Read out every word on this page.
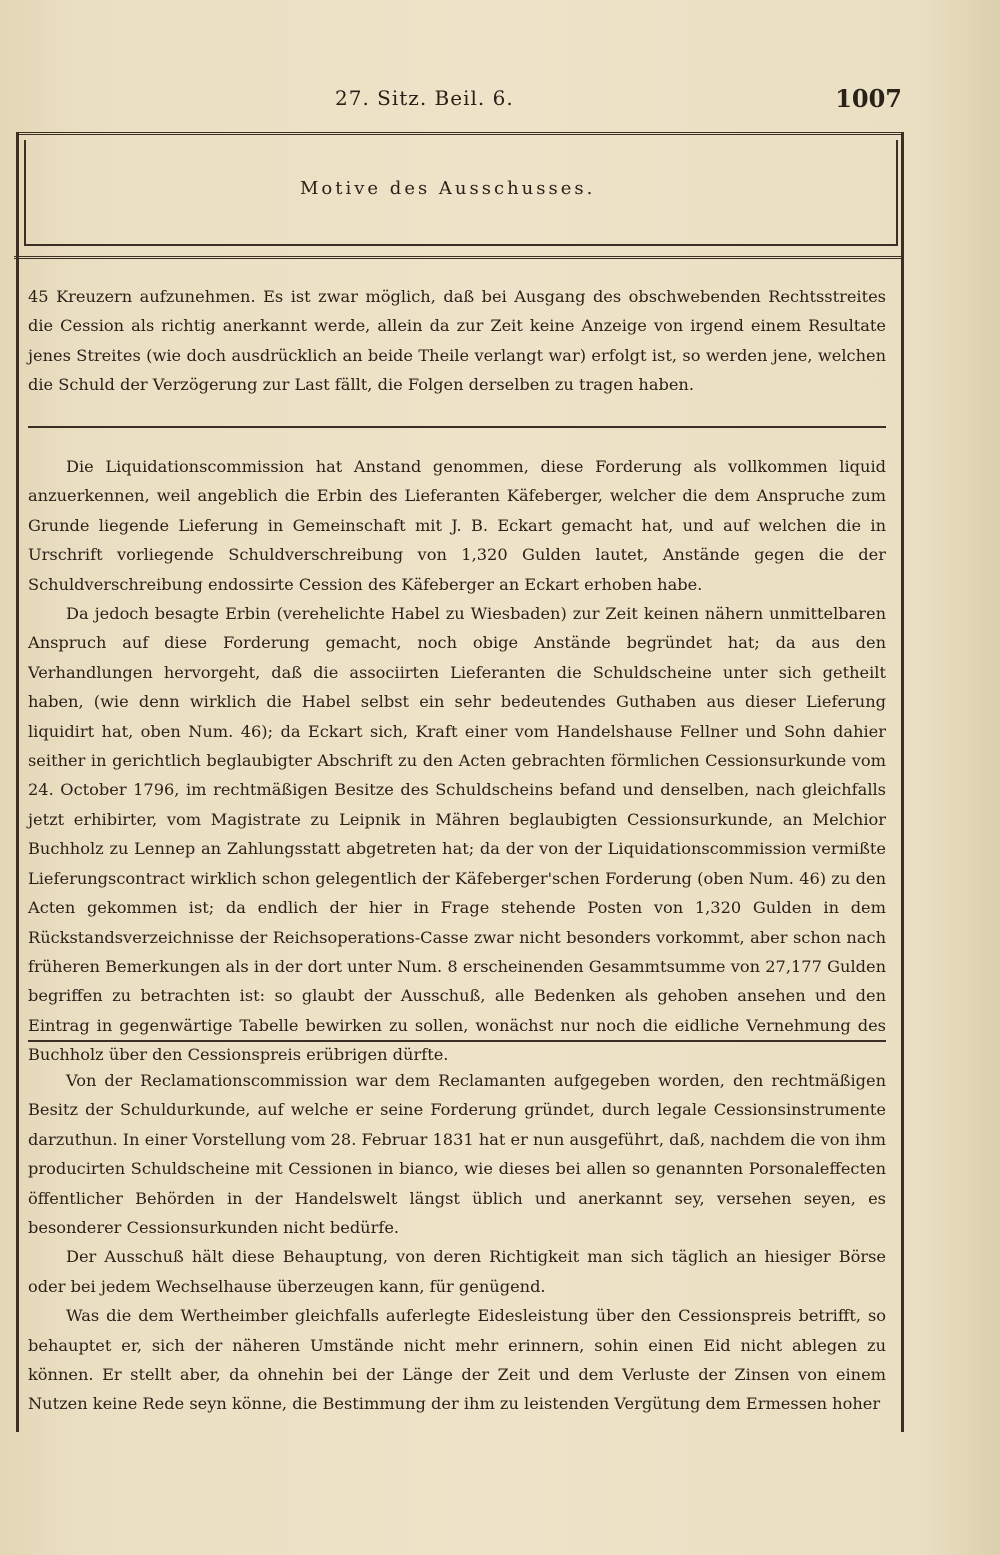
27. Sitz. Beil. 6.	1007
Motive des Ausschusses.

45 Kreuzern aufzunehmen. Es ist zwar möglich, daß bei Ausgang des obschwebenden Rechtsstreites die Cession als richtig anerkannt werde, allein da zur Zeit keine Anzeige von irgend einem Resultate jenes Streites (wie doch ausdrücklich an beide Theile verlangt war) erfolgt ist, so werden jene, welchen die Schuld der Verzögerung zur Last fällt, die Folgen derselben zu tragen haben.

Die Liquidationscommission hat Anstand genommen, diese Forderung als vollkommen liquid anzuerkennen, weil angeblich die Erbin des Lieferanten Käfeberger, welcher die dem Anspruche zum Grunde liegende Lieferung in Gemeinschaft mit J. B. Eckart gemacht hat, und auf welchen die in Urschrift vorliegende Schuldverschreibung von 1,320 Gulden lautet, Anstände gegen die der Schuldverschreibung endossirte Cession des Käfeberger an Eckart erhoben habe.

Da jedoch besagte Erbin (verehelichte Habel zu Wiesbaden) zur Zeit keinen nähern unmittelbaren Anspruch auf diese Forderung gemacht, noch obige Anstände begründet hat; da aus den Verhandlungen hervorgeht, daß die associirten Lieferanten die Schuldscheine unter sich getheilt haben, (wie denn wirklich die Habel selbst ein sehr bedeutendes Guthaben aus dieser Lieferung liquidirt hat, oben Num. 46); da Eckart sich, Kraft einer vom Handelshause Fellner und Sohn dahier seither in gerichtlich beglaubigter Abschrift zu den Acten gebrachten förmlichen Cessionsurkunde vom 24. October 1796, im rechtmäßigen Besitze des Schuldscheins befand und denselben, nach gleichfalls jetzt erhibirter, vom Magistrate zu Leipnik in Mähren beglaubigten Cessionsurkunde, an Melchior Buchholz zu Lennep an Zahlungsstatt abgetreten hat; da der von der Liquidationscommission vermißte Lieferungscontract wirklich schon gelegentlich der Käfeberger'schen Forderung (oben Num. 46) zu den Acten gekommen ist; da endlich der hier in Frage stehende Posten von 1,320 Gulden in dem Rückstandsverzeichnisse der Reichsoperations-Casse zwar nicht besonders vorkommt, aber schon nach früheren Bemerkungen als in der dort unter Num. 8 erscheinenden Gesammtsumme von 27,177 Gulden begriffen zu betrachten ist: so glaubt der Ausschuß, alle Bedenken als gehoben ansehen und den Eintrag in gegenwärtige Tabelle bewirken zu sollen, wonächst nur noch die eidliche Vernehmung des Buchholz über den Cessionspreis erübrigen dürfte.

Von der Reclamationscommission war dem Reclamanten aufgegeben worden, den rechtmäßigen Besitz der Schuldurkunde, auf welche er seine Forderung gründet, durch legale Cessionsinstrumente darzuthun. In einer Vorstellung vom 28. Februar 1831 hat er nun ausgeführt, daß, nachdem die von ihm producirten Schuldscheine mit Cessionen in bianco, wie dieses bei allen so genannten Porsonaleffecten öffentlicher Behörden in der Handelswelt längst üblich und anerkannt sey, versehen seyen, es besonderer Cessionsurkunden nicht bedürfe.

Der Ausschuß hält diese Behauptung, von deren Richtigkeit man sich täglich an hiesiger Börse oder bei jedem Wechselhause überzeugen kann, für genügend.

Was die dem Wertheimber gleichfalls auferlegte Eidesleistung über den Cessionspreis betrifft, so behauptet er, sich der näheren Umstände nicht mehr erinnern, sohin einen Eid nicht ablegen zu können. Er stellt aber, da ohnehin bei der Länge der Zeit und dem Verluste der Zinsen von einem Nutzen keine Rede seyn könne, die Bestimmung der ihm zu leistenden Vergütung dem Ermessen hoher
